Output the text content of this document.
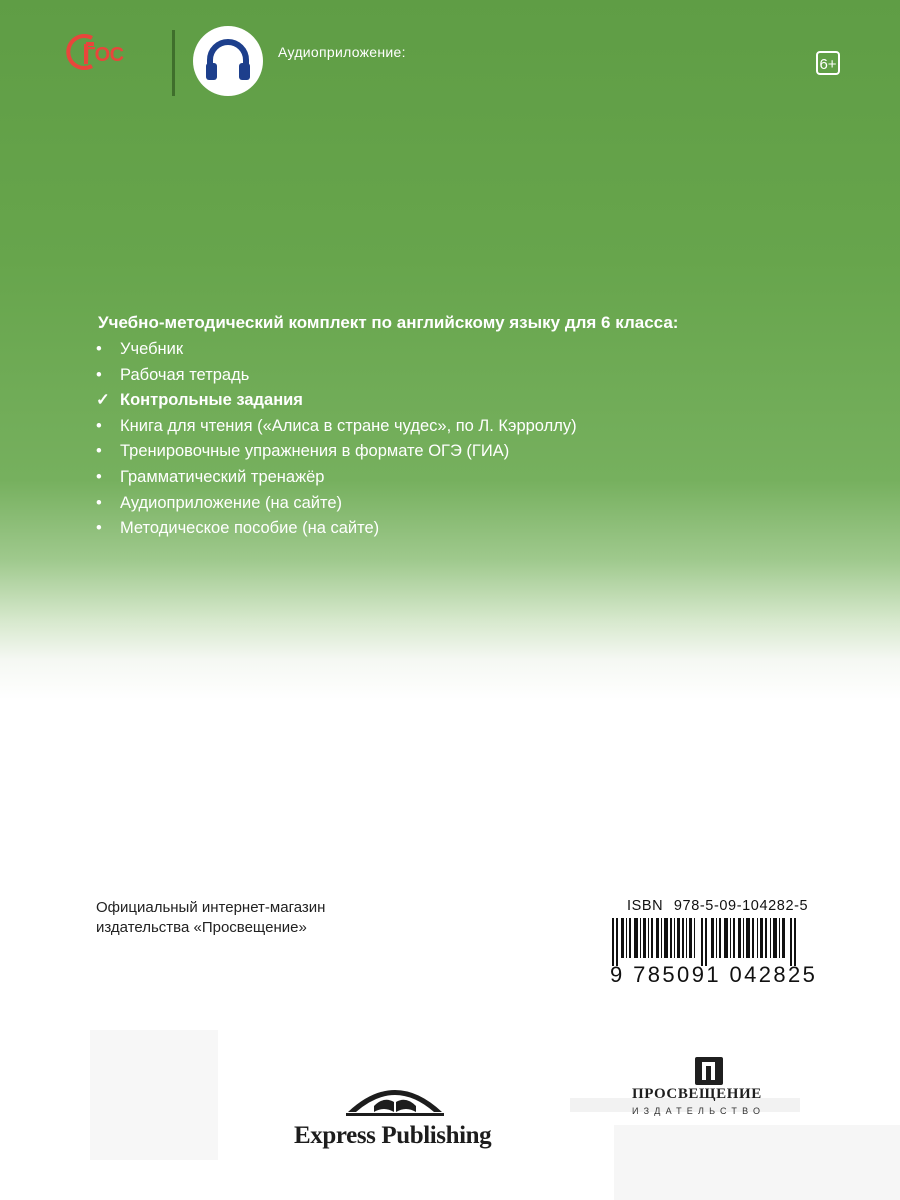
ГОС	Аудиоприложение:
6+
Учебно-методический комплект по английскому языку для 6 класса:
•	Учебник
•	Рабочая тетрадь
✓ Контрольные задания
•	Книга для чтения («Алиса в стране чудес», по Л. Кэрроллу)
•	Тренировочные упражнения в формате ОГЭ (ГИА)
•	Грамматический тренажёр
•	Аудиоприложение (на сайте)
•	Методическое пособие (на сайте)
Официальный интернет-магазин
издательства «Просвещение»
ISBN 978-5-09-104282-5
9 785091 042825
Express Publishing
ПРОСВЕЩЕНИЕ
ИЗДАТЕЛЬСТВО
